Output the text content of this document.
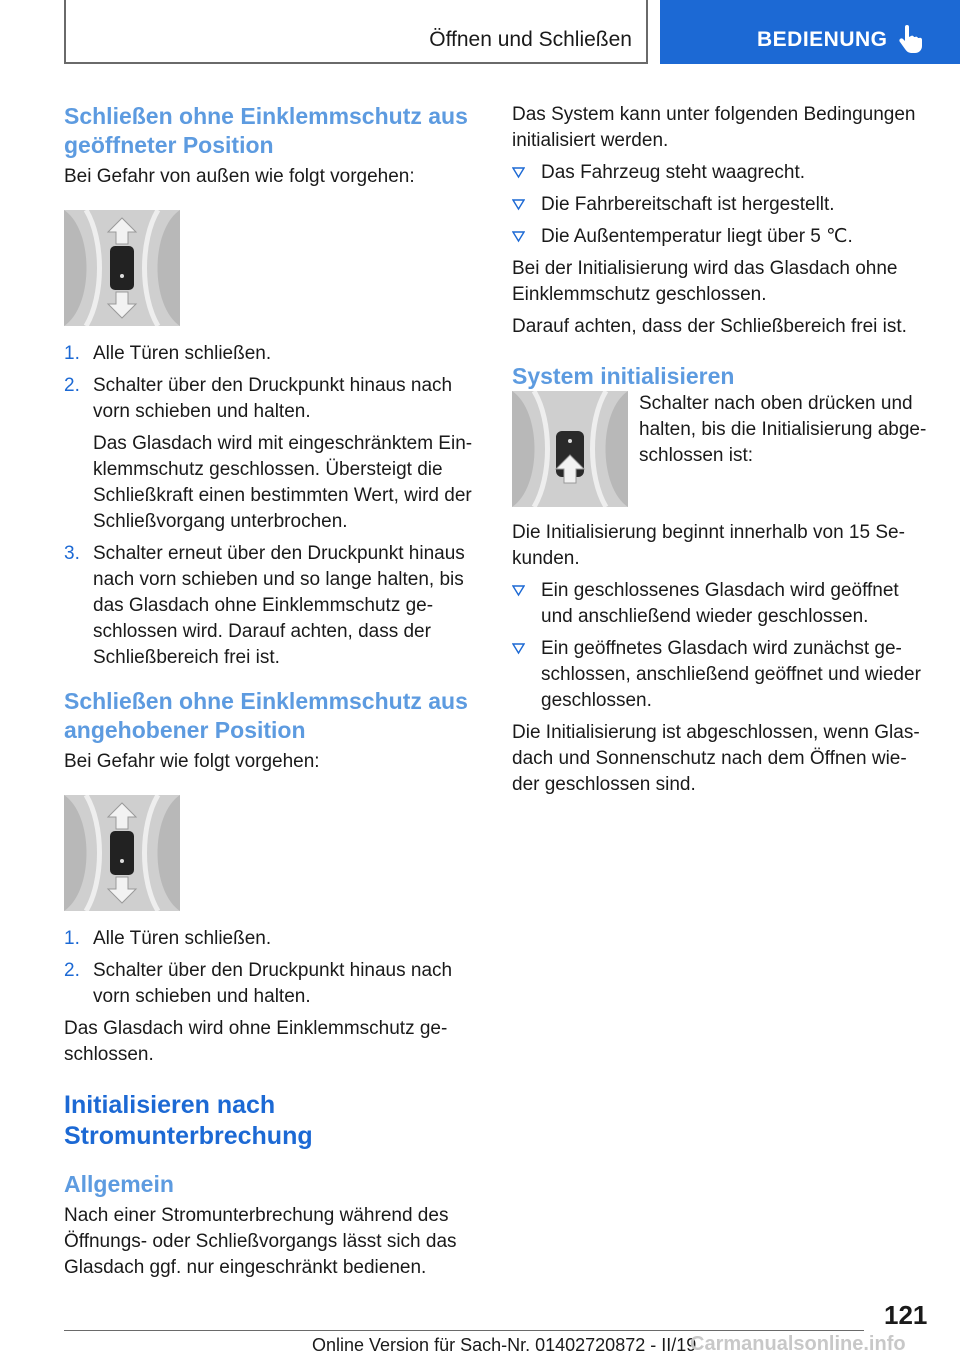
Öffnen und Schließen	BEDIENUNG
Schließen ohne Einklemmschutz aus geöffneter Position

Bei Gefahr von außen wie folgt vorgehen:

1. Alle Türen schließen.
2. Schalter über den Druckpunkt hinaus nach vorn schieben und halten.
Das Glasdach wird mit eingeschränktem Ein-klemmschutz geschlossen. Übersteigt die Schließkraft einen bestimmten Wert, wird der Schließvorgang unterbrochen.
3. Schalter erneut über den Druckpunkt hinaus nach vorn schieben und so lange halten, bis das Glasdach ohne Einklemmschutz ge-schlossen wird. Darauf achten, dass der Schließbereich frei ist.
Schließen ohne Einklemmschutz aus angehobener Position

Bei Gefahr wie folgt vorgehen:

1. Alle Türen schließen.
2. Schalter über den Druckpunkt hinaus nach vorn schieben und halten.

Das Glasdach wird ohne Einklemmschutz ge-schlossen.

Initialisieren nach Stromunterbrechung
Allgemein

Nach einer Stromunterbrechung während des Öffnungs- oder Schließvorgangs lässt sich das Glasdach ggf. nur eingeschränkt bedienen.

Das System kann unter folgenden Bedingungen initialisiert werden.

Das Fahrzeug steht waagrecht.
Die Fahrbereitschaft ist hergestellt.
Die Außentemperatur liegt über 5 ℃.

Bei der Initialisierung wird das Glasdach ohne Einklemmschutz geschlossen.

Darauf achten, dass der Schließbereich frei ist.

System initialisieren

Schalter nach oben drücken und halten, bis die Initialisierung abge-schlossen ist:

Die Initialisierung beginnt innerhalb von 15 Se-kunden.

Ein geschlossenes Glasdach wird geöffnet und anschließend wieder geschlossen.
Ein geöffnetes Glasdach wird zunächst ge-schlossen, anschließend geöffnet und wieder geschlossen.

Die Initialisierung ist abgeschlossen, wenn Glas-dach und Sonnenschutz nach dem Öffnen wie-der geschlossen sind.

121
Online Version für Sach-Nr. 01402720872 - II/19
Carmanualsonline.info
